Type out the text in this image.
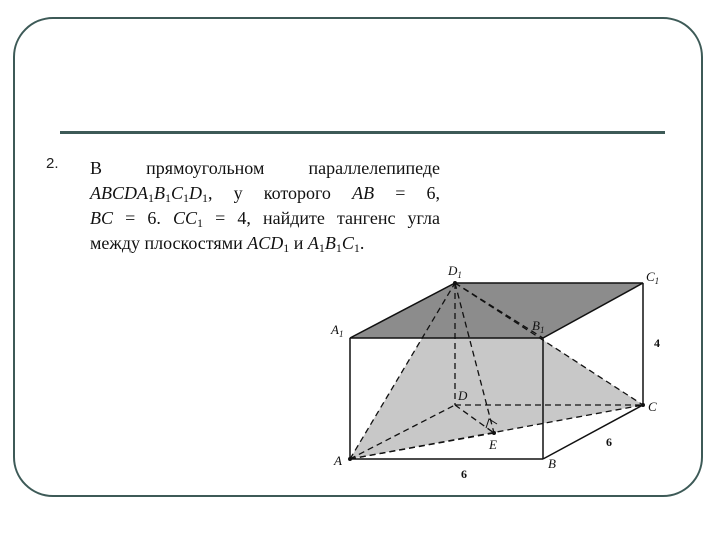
2. В прямоугольном параллелепипеде
$ABCDA_1B_1C_1D_1$, у которого AB = 6,
BC = 6. $CC_1 = 4$, найдите тангенс угла
между плоскостями $ACD_1$ и $A_1B_1C_1$.
$A_1$
$B_1$
$C_1$
$D_1$
A	B
C
D
E
6
6
4
